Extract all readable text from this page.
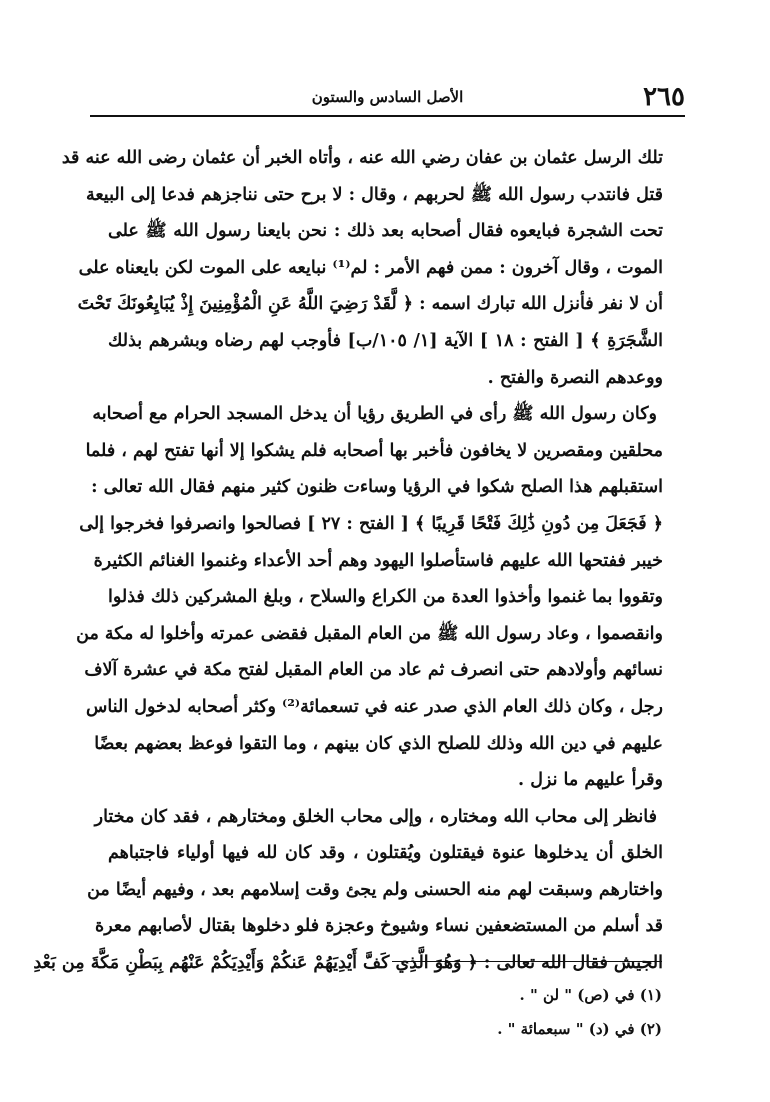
٢٦٥
الأصل السادس والستون
تلك الرسل عثمان بن عفان رضي الله عنه ، وأتاه الخبر أن عثمان رضى الله عنه قد
قتل فانتدب رسول الله ﷺ لحربهم ، وقال : لا برح حتى نناجزهم فدعا إلى البيعة
تحت الشجرة فبايعوه فقال أصحابه بعد ذلك : نحن بايعنا رسول الله ﷺ على
الموت ، وقال آخرون : ممن فهم الأمر : لم⁽¹⁾ نبايعه على الموت لكن بايعناه على
أن لا نفر فأنزل الله تبارك اسمه : ﴿ لَّقَدْ رَضِيَ اللَّهُ عَنِ الْمُؤْمِنِينَ إِذْ يُبَايِعُونَكَ تَحْتَ
الشَّجَرَةِ ﴾ [ الفتح : ١٨ ] الآية [١/ ١٠٥/ب] فأوجب لهم رضاه وبشرهم بذلك
ووعدهم النصرة والفتح .
وكان رسول الله ﷺ رأى في الطريق رؤيا أن يدخل المسجد الحرام مع أصحابه
محلقين ومقصرين لا يخافون فأخبر بها أصحابه فلم يشكوا إلا أنها تفتح لهم ، فلما
استقبلهم هذا الصلح شكوا في الرؤيا وساءت ظنون كثير منهم فقال الله تعالى :
﴿ فَجَعَلَ مِن دُونِ ذَٰلِكَ فَتْحًا قَرِيبًا ﴾ [ الفتح : ٢٧ ] فصالحوا وانصرفوا فخرجوا إلى
خيبر ففتحها الله عليهم فاستأصلوا اليهود وهم أحد الأعداء وغنموا الغنائم الكثيرة
وتقووا بما غنموا وأخذوا العدة من الكراع والسلاح ، وبلغ المشركين ذلك فذلوا
وانقصموا ، وعاد رسول الله ﷺ من العام المقبل فقضى عمرته وأخلوا له مكة من
نسائهم وأولادهم حتى انصرف ثم عاد من العام المقبل لفتح مكة في عشرة آلاف
رجل ، وكان ذلك العام الذي صدر عنه في تسعمائة⁽²⁾ وكثر أصحابه لدخول الناس
عليهم في دين الله وذلك للصلح الذي كان بينهم ، وما التقوا فوعظ بعضهم بعضًا
وقرأ عليهم ما نزل .
فانظر إلى محاب الله ومختاره ، وإلى محاب الخلق ومختارهم ، فقد كان مختار
الخلق أن يدخلوها عنوة فيقتلون ويُقتلون ، وقد كان لله فيها أولياء فاجتباهم
واختارهم وسبقت لهم منه الحسنى ولم يجئ وقت إسلامهم بعد ، وفيهم أيضًا من
قد أسلم من المستضعفين نساء وشيوخ وعجزة فلو دخلوها بقتال لأصابهم معرة
الجيش فقال الله تعالى : ﴿ وَهُوَ الَّذِي كَفَّ أَيْدِيَهُمْ عَنكُمْ وَأَيْدِيَكُمْ عَنْهُم بِبَطْنِ مَكَّةَ مِن بَعْدِ
(١) في (ص) " لن " .
(٢) في (د) " سبعمائة " .
